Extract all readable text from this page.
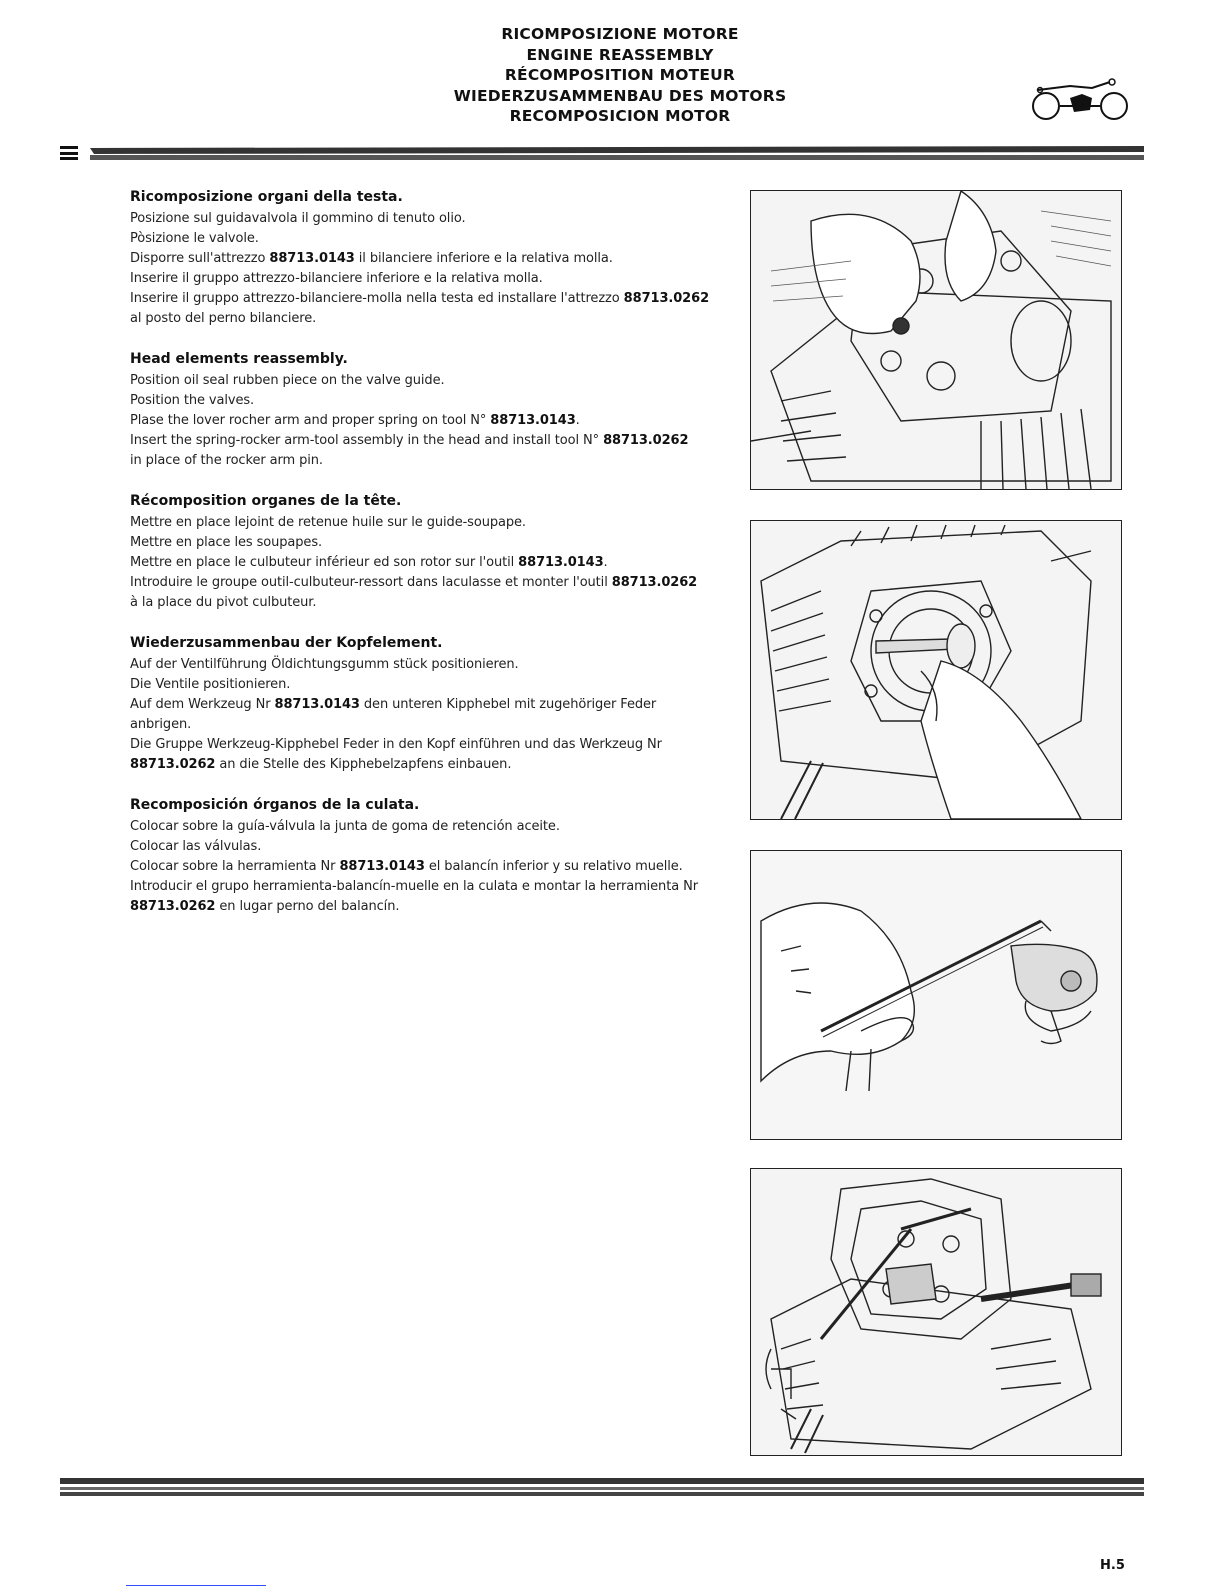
RICOMPOSIZIONE MOTORE
ENGINE REASSEMBLY
RÉCOMPOSITION MOTEUR
WIEDERZUSAMMENBAU DES MOTORS
RECOMPOSICION MOTOR
Ricomposizione organi della testa.

Posizione sul guidavalvola il gommino di tenuto olio.

Pòsizione le valvole.

Disporre sull'attrezzo 88713.0143 il bilanciere inferiore e la relativa molla.

Inserire il gruppo attrezzo-bilanciere inferiore e la relativa molla.

Inserire il gruppo attrezzo-bilanciere-molla nella testa ed installare l'attrezzo 88713.0262

al posto del perno bilanciere.

Head elements reassembly.

Position oil seal rubben piece on the valve guide.

Position the valves.

Plase the lover rocher arm and proper spring on tool N° 88713.0143.

Insert the spring-rocker arm-tool assembly in the head and install tool N° 88713.0262

in place of the rocker arm pin.

Récomposition organes de la tête.

Mettre en place lejoint de retenue huile sur le guide-soupape.

Mettre en place les soupapes.

Mettre en place le culbuteur inférieur ed son rotor sur l'outil 88713.0143.

Introduire le groupe outil-culbuteur-ressort dans laculasse et monter l'outil 88713.0262

à la place du pivot culbuteur.

Wiederzusammenbau der Kopfelement.

Auf der Ventilführung Öldichtungsgumm stück positionieren.

Die Ventile positionieren.

Auf dem Werkzeug Nr 88713.0143 den unteren Kipphebel mit zugehöriger Feder

anbrigen.

Die Gruppe Werkzeug-Kipphebel Feder in den Kopf einführen und das Werkzeug Nr

88713.0262 an die Stelle des Kipphebelzapfens einbauen.

Recomposición órganos de la culata.

Colocar sobre la guía-válvula la junta de goma de retención aceite.

Colocar las válvulas.

Colocar sobre la herramienta Nr 88713.0143 el balancín inferior y su relativo muelle.

Introducir el grupo herramienta-balancín-muelle en la culata e montar la herramienta Nr

88713.0262 en lugar perno del balancín.

H.5
